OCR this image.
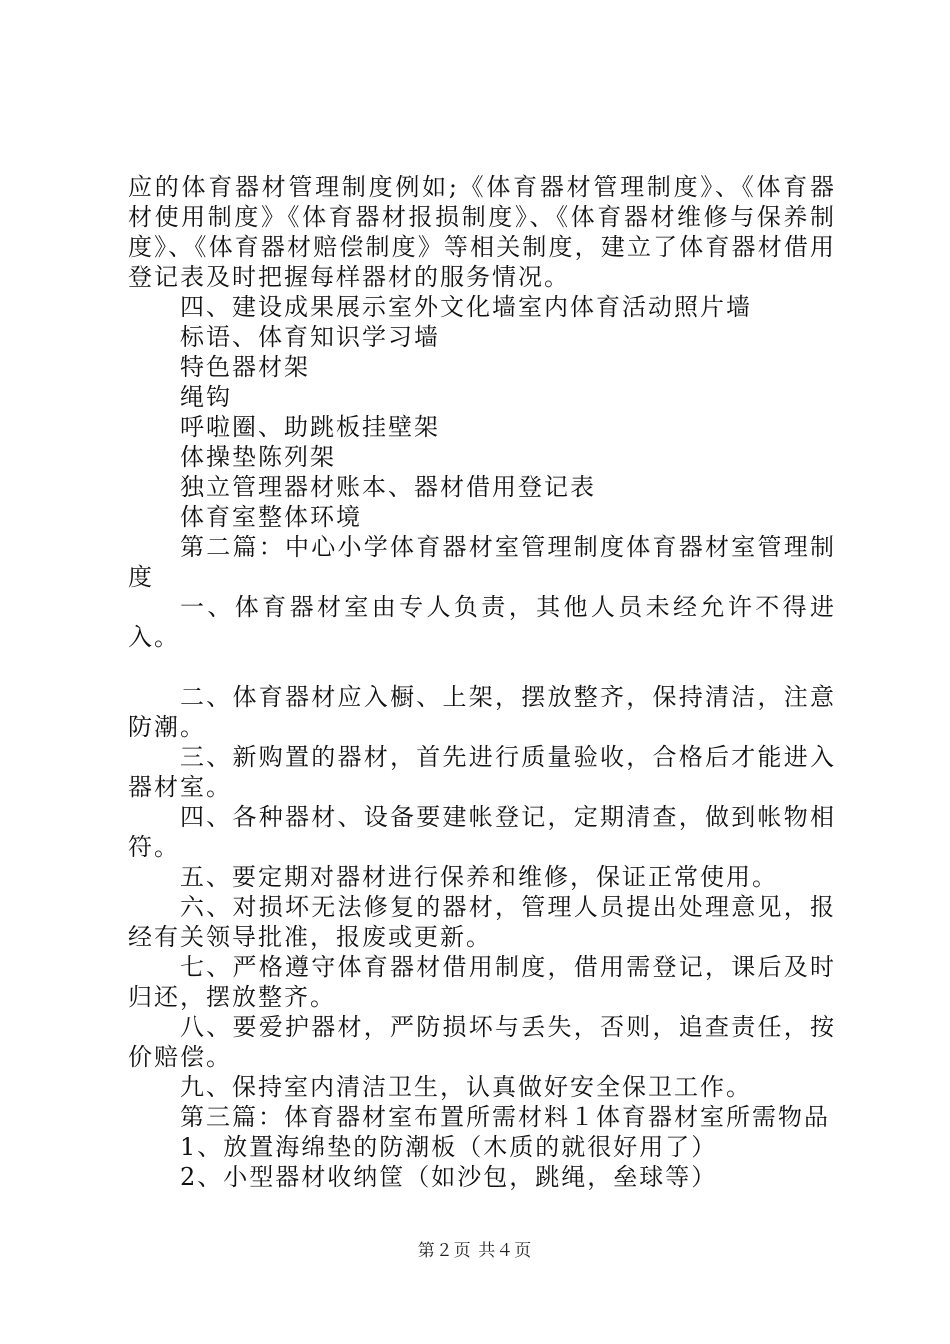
应的体育器材管理制度例如;《体育器材管理制度》、《体育器材使用制度》《体育器材报损制度》、《体育器材维修与保养制度》、《体育器材赔偿制度》等相关制度，建立了体育器材借用登记表及时把握每样器材的服务情况。

四、建设成果展示室外文化墙室内体育活动照片墙

标语、体育知识学习墙

特色器材架

绳钩

呼啦圈、助跳板挂壁架

体操垫陈列架

独立管理器材账本、器材借用登记表

体育室整体环境

第二篇：中心小学体育器材室管理制度体育器材室管理制度

一、体育器材室由专人负责，其他人员未经允许不得进入。

二、体育器材应入橱、上架，摆放整齐，保持清洁，注意防潮。

三、新购置的器材，首先进行质量验收，合格后才能进入器材室。

四、各种器材、设备要建帐登记，定期清查，做到帐物相符。

五、要定期对器材进行保养和维修，保证正常使用。

六、对损坏无法修复的器材，管理人员提出处理意见，报经有关领导批准，报废或更新。

七、严格遵守体育器材借用制度，借用需登记，课后及时归还，摆放整齐。

八、要爱护器材，严防损坏与丢失，否则，追查责任，按价赔偿。

九、保持室内清洁卫生，认真做好安全保卫工作。

第三篇：体育器材室布置所需材料１体育器材室所需物品

1、放置海绵垫的防潮板（木质的就很好用了）

2、小型器材收纳筐（如沙包，跳绳，垒球等）

第２页 共４页
